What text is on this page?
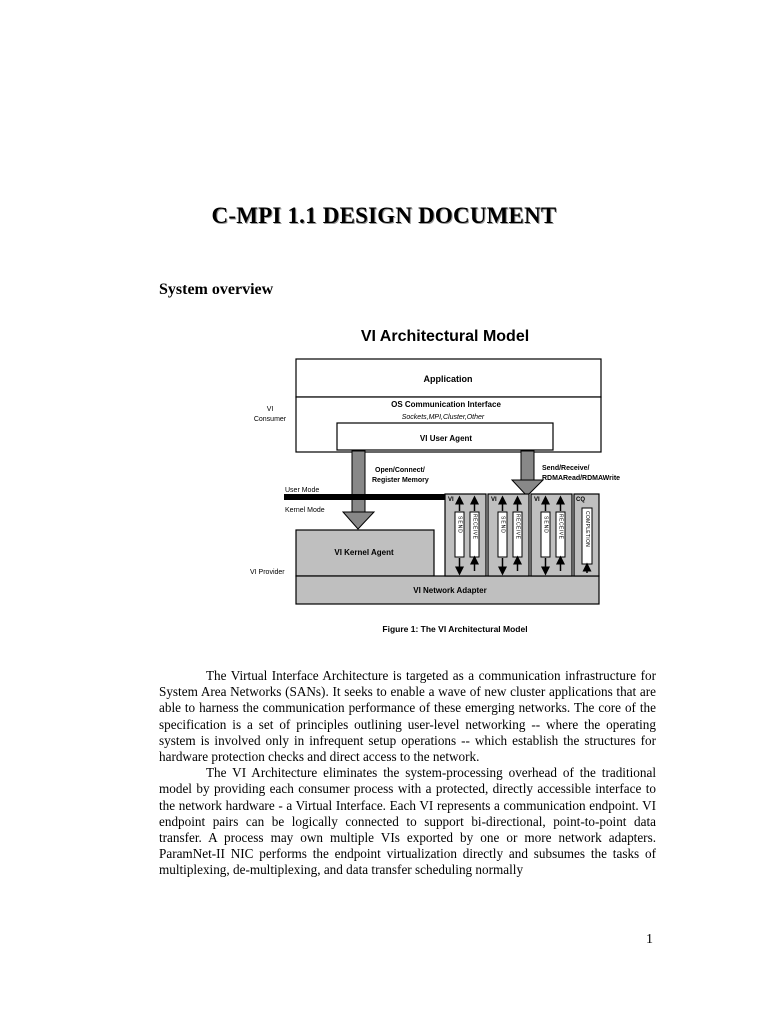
C-MPI 1.1 DESIGN DOCUMENT
System overview
VI Architectural Model
Application
OS Communication Interface
Sockets,MPI,Cluster,Other
VI User Agent
VI
Consumer
Open/Connect/
Register Memory
Send/Receive/
RDMARead/RDMAWrite
User Mode
Kernel Mode
VI Kernel Agent
VI Provider
VI Network Adapter
VI
SEND RECEIVE
VI
SEND RECEIVE
VI
SEND RECEIVE
CQ
COMPLETION
Figure 1: The VI Architectural Model

The Virtual Interface Architecture is targeted as a communication infrastructure for System Area Networks (SANs). It seeks to enable a wave of new cluster applications that are able to harness the communication performance of these emerging networks. The core of the specification is a set of principles outlining user-level networking -- where the operating system is involved only in infrequent setup operations -- which establish the structures for hardware protection checks and direct access to the network.

The VI Architecture eliminates the system-processing overhead of the traditional model by providing each consumer process with a protected, directly accessible interface to the network hardware - a Virtual Interface. Each VI represents a communication endpoint. VI endpoint pairs can be logically connected to support bi-directional, point-to-point data transfer. A process may own multiple VIs exported by one or more network adapters. ParamNet-II NIC performs the endpoint virtualization directly and subsumes the tasks of multiplexing, de-multiplexing, and data transfer scheduling normally

1
